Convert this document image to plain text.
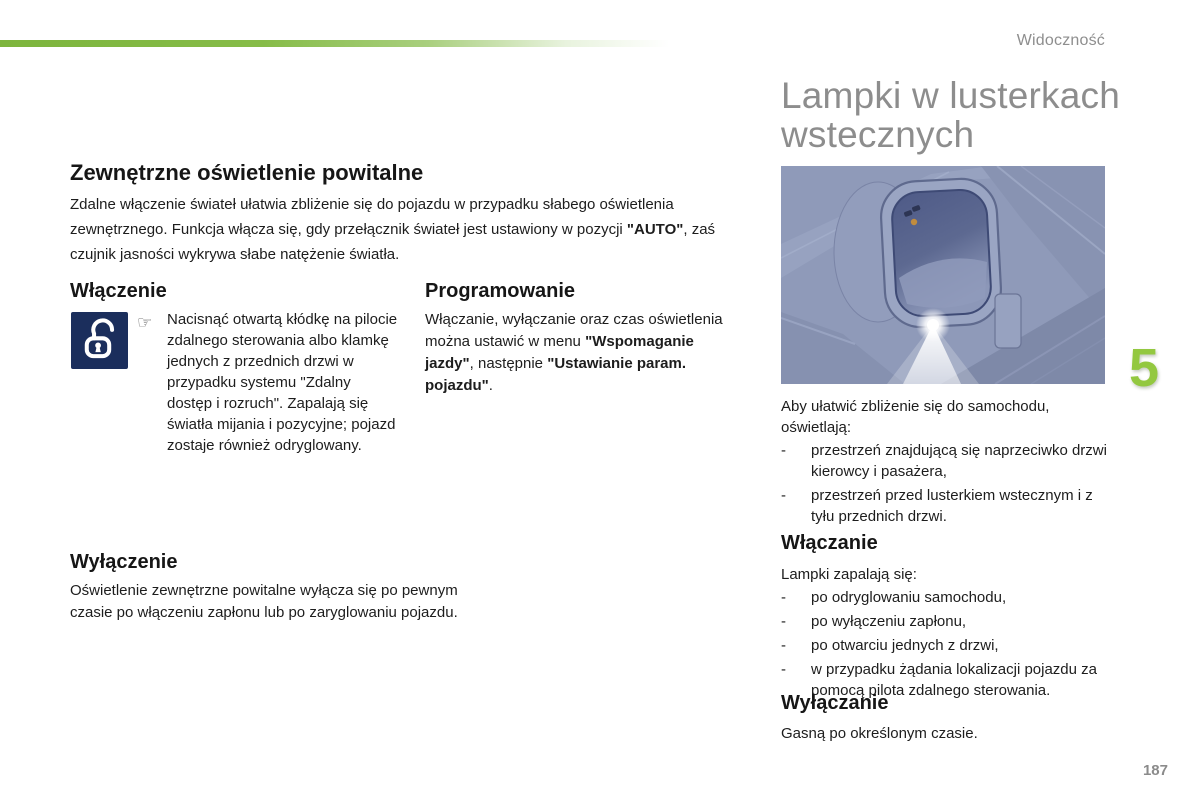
Widoczność
Lampki w lusterkach
wstecznych
Zewnętrzne oświetlenie powitalne

Zdalne włączenie świateł ułatwia zbliżenie się do pojazdu w przypadku słabego oświetlenia zewnętrznego. Funkcja włącza się, gdy przełącznik świateł jest ustawiony w pozycji "AUTO", zaś czujnik jasności wykrywa słabe natężenie światła.

Włączenie
☞ Nacisnąć otwartą kłódkę na pilocie zdalnego sterowania albo klamkę jednych z przednich drzwi w przypadku systemu "Zdalny dostęp i rozruch". Zapalają się światła mijania i pozycyjne; pojazd zostaje również odryglowany.

Programowanie

Włączanie, wyłączanie oraz czas oświetlenia można ustawić w menu "Wspomaganie jazdy", następnie "Ustawianie param. pojazdu".

Wyłączenie

Oświetlenie zewnętrzne powitalne wyłącza się po pewnym czasie po włączeniu zapłonu lub po zaryglowaniu pojazdu.

Aby ułatwić zbliżenie się do samochodu, oświetlają:

-	przestrzeń znajdującą się naprzeciwko drzwi kierowcy i pasażera,
-	przestrzeń przed lusterkiem wstecznym i z tyłu przednich drzwi.
Włączanie

Lampki zapalają się:

-	po odryglowaniu samochodu,
-	po wyłączeniu zapłonu,
-	po otwarciu jednych z drzwi,
-	w przypadku żądania lokalizacji pojazdu za pomocą pilota zdalnego sterowania.
Wyłączanie

Gasną po określonym czasie.

5
187
